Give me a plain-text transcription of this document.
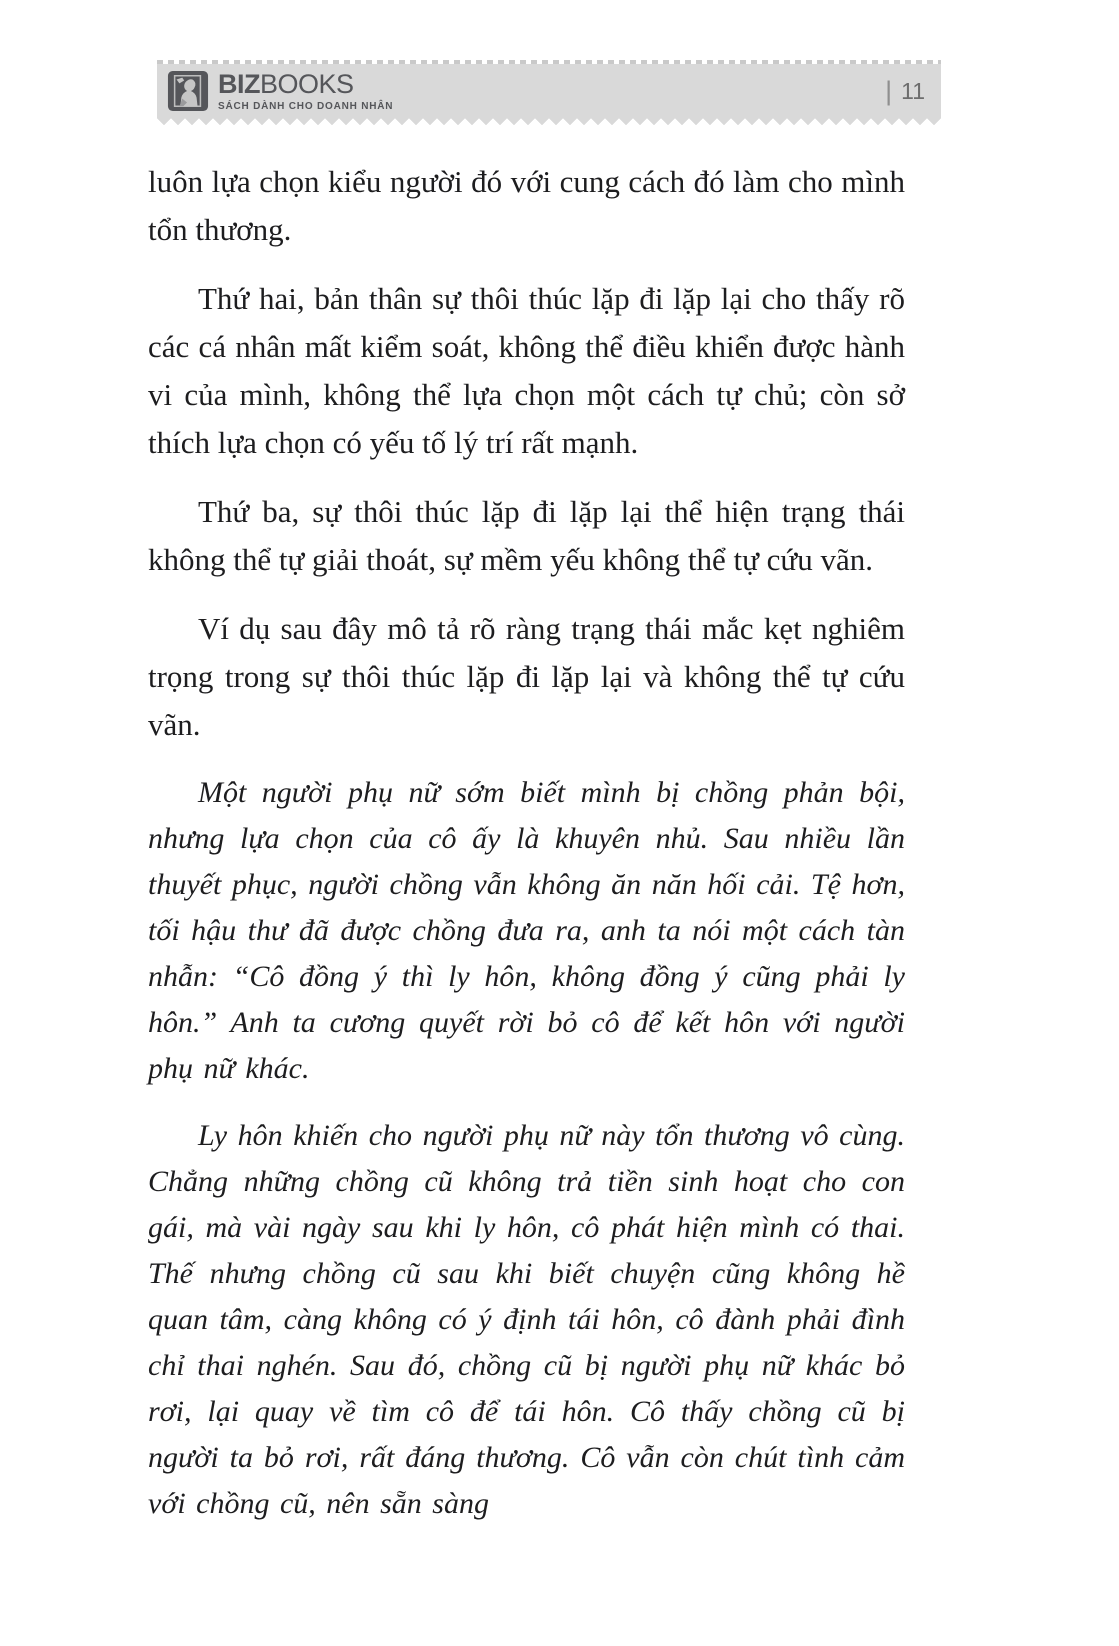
BIZBOOKS
SÁCH DÀNH CHO DOANH NHÂN
| 11

luôn lựa chọn kiểu người đó với cung cách đó làm cho mình tổn thương.

Thứ hai, bản thân sự thôi thúc lặp đi lặp lại cho thấy rõ các cá nhân mất kiểm soát, không thể điều khiển được hành vi của mình, không thể lựa chọn một cách tự chủ; còn sở thích lựa chọn có yếu tố lý trí rất mạnh.

Thứ ba, sự thôi thúc lặp đi lặp lại thể hiện trạng thái không thể tự giải thoát, sự mềm yếu không thể tự cứu vãn.

Ví dụ sau đây mô tả rõ ràng trạng thái mắc kẹt nghiêm trọng trong sự thôi thúc lặp đi lặp lại và không thể tự cứu vãn.

Một người phụ nữ sớm biết mình bị chồng phản bội, nhưng lựa chọn của cô ấy là khuyên nhủ. Sau nhiều lần thuyết phục, người chồng vẫn không ăn năn hối cải. Tệ hơn, tối hậu thư đã được chồng đưa ra, anh ta nói một cách tàn nhẫn: “Cô đồng ý thì ly hôn, không đồng ý cũng phải ly hôn.” Anh ta cương quyết rời bỏ cô để kết hôn với người phụ nữ khác.

Ly hôn khiến cho người phụ nữ này tổn thương vô cùng. Chẳng những chồng cũ không trả tiền sinh hoạt cho con gái, mà vài ngày sau khi ly hôn, cô phát hiện mình có thai. Thế nhưng chồng cũ sau khi biết chuyện cũng không hề quan tâm, càng không có ý định tái hôn, cô đành phải đình chỉ thai nghén. Sau đó, chồng cũ bị người phụ nữ khác bỏ rơi, lại quay về tìm cô để tái hôn. Cô thấy chồng cũ bị người ta bỏ rơi, rất đáng thương. Cô vẫn còn chút tình cảm với chồng cũ, nên sẵn sàng
